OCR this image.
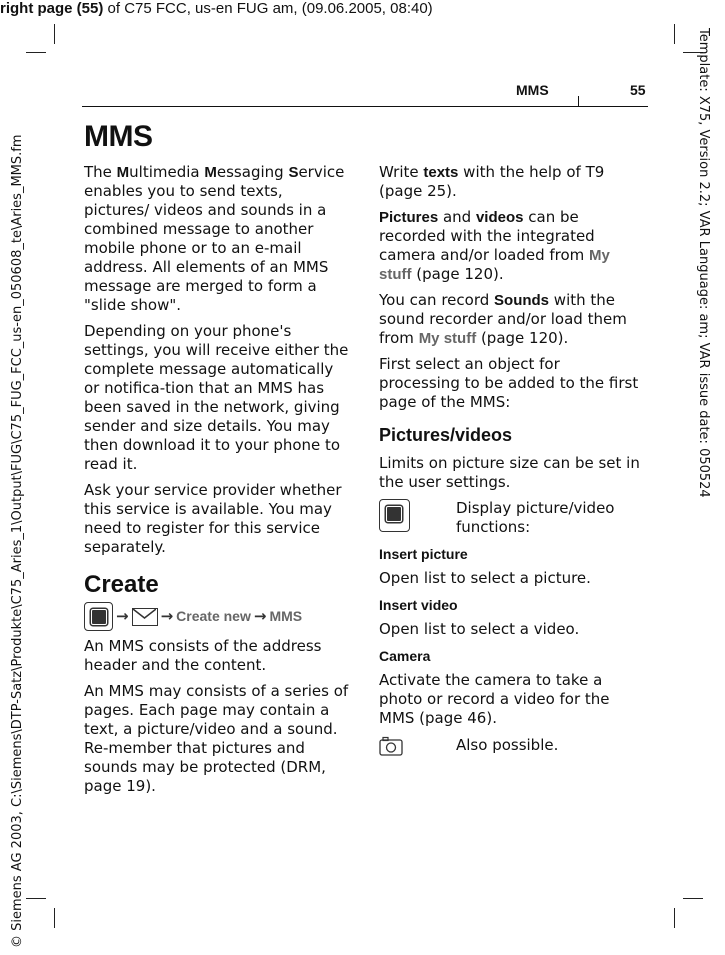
right page (55) of C75 FCC, us-en FUG am, (09.06.2005, 08:40)
Template: X75, Version 2.2; VAR Language: am; VAR issue date: 050524
© Siemens AG 2003, C:\Siemens\DTP-Satz\Produkte\C75_Aries_1\Output\FUG\C75_FUG_FCC_us-en_050608_te\Aries_MMS.fm
MMS	55
MMS

The Multimedia Messaging Service enables you to send texts, pictures/ videos and sounds in a combined message to another mobile phone or to an e-mail address. All elements of an MMS message are merged to form a "slide show".

Depending on your phone's settings, you will receive either the complete message automatically or notifica-tion that an MMS has been saved in the network, giving sender and size details. You may then download it to your phone to read it.

Ask your service provider whether this service is available. You may need to register for this service separately.

Create
→ → Create new → MMS

An MMS consists of the address header and the content.

An MMS may consists of a series of pages. Each page may contain a text, a picture/video and a sound. Re-member that pictures and sounds may be protected (DRM, page 19).

Write texts with the help of T9 (page 25).

Pictures and videos can be recorded with the integrated camera and/or loaded from My stuff (page 120).

You can record Sounds with the sound recorder and/or load them from My stuff (page 120).

First select an object for processing to be added to the first page of the MMS:

Pictures/videos

Limits on picture size can be set in the user settings.

Display picture/video functions:
Insert picture

Open list to select a picture.

Insert video

Open list to select a video.

Camera

Activate the camera to take a photo or record a video for the MMS (page 46).

Also possible.
